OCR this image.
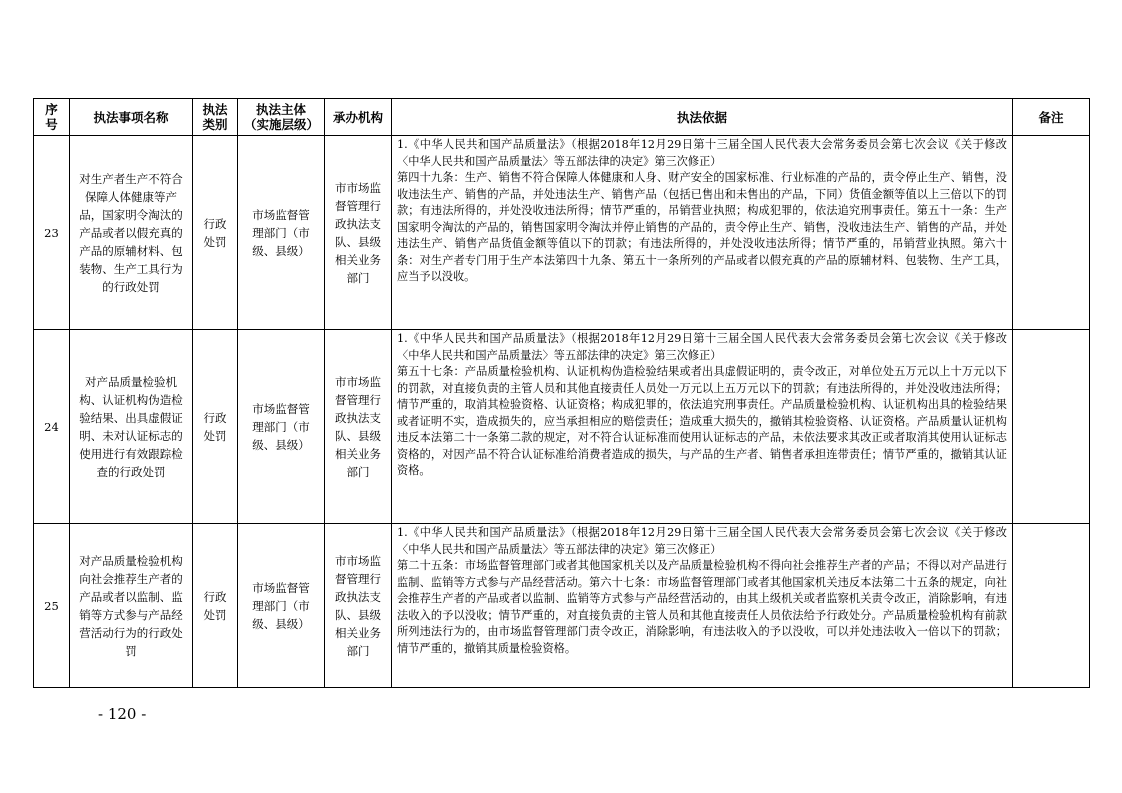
序号	执法事项名称	执法类别	执法主体（实施层级）	承办机构	执法依据	备注
23	对生产者生产不符合保障人体健康等产品，国家明令淘汰的产品或者以假充真的产品的原辅材料、包装物、生产工具行为的行政处罚	行政处罚	市场监督管理部门（市级、县级）	市市场监督管理行政执法支队、县级相关业务部门	1.《中华人民共和国产品质量法》（根据2018年12月29日第十三届全国人民代表大会常务委员会第七次会议《关于修改〈中华人民共和国产品质量法〉等五部法律的决定》第三次修正）

第四十九条：生产、销售不符合保障人体健康和人身、财产安全的国家标准、行业标准的产品的，责令停止生产、销售，没收违法生产、销售的产品，并处违法生产、销售产品（包括已售出和未售出的产品，下同）货值金额等值以上三倍以下的罚款；有违法所得的，并处没收违法所得；情节严重的，吊销营业执照；构成犯罪的，依法追究刑事责任。第五十一条：生产国家明令淘汰的产品的，销售国家明令淘汰并停止销售的产品的，责令停止生产、销售，没收违法生产、销售的产品，并处违法生产、销售产品货值金额等值以下的罚款；有违法所得的，并处没收违法所得；情节严重的，吊销营业执照。第六十条：对生产者专门用于生产本法第四十九条、第五十一条所列的产品或者以假充真的产品的原辅材料、包装物、生产工具，应当予以没收。	

24	对产品质量检验机构、认证机构伪造检验结果、出具虚假证明、未对认证标志的使用进行有效跟踪检查的行政处罚	行政处罚	市场监督管理部门（市级、县级）	市市场监督管理行政执法支队、县级相关业务部门	1.《中华人民共和国产品质量法》（根据2018年12月29日第十三届全国人民代表大会常务委员会第七次会议《关于修改〈中华人民共和国产品质量法〉等五部法律的决定》第三次修正）

第五十七条：产品质量检验机构、认证机构伪造检验结果或者出具虚假证明的，责令改正，对单位处五万元以上十万元以下的罚款，对直接负责的主管人员和其他直接责任人员处一万元以上五万元以下的罚款；有违法所得的，并处没收违法所得；情节严重的，取消其检验资格、认证资格；构成犯罪的，依法追究刑事责任。产品质量检验机构、认证机构出具的检验结果或者证明不实，造成损失的，应当承担相应的赔偿责任；造成重大损失的，撤销其检验资格、认证资格。产品质量认证机构违反本法第二十一条第二款的规定，对不符合认证标准而使用认证标志的产品，未依法要求其改正或者取消其使用认证标志资格的，对因产品不符合认证标准给消费者造成的损失，与产品的生产者、销售者承担连带责任；情节严重的，撤销其认证资格。	

25	对产品质量检验机构向社会推荐生产者的产品或者以监制、监销等方式参与产品经营活动行为的行政处罚	行政处罚	市场监督管理部门（市级、县级）	市市场监督管理行政执法支队、县级相关业务部门	1.《中华人民共和国产品质量法》（根据2018年12月29日第十三届全国人民代表大会常务委员会第七次会议《关于修改〈中华人民共和国产品质量法〉等五部法律的决定》第三次修正）

第二十五条：市场监督管理部门或者其他国家机关以及产品质量检验机构不得向社会推荐生产者的产品；不得以对产品进行监制、监销等方式参与产品经营活动。第六十七条：市场监督管理部门或者其他国家机关违反本法第二十五条的规定，向社会推荐生产者的产品或者以监制、监销等方式参与产品经营活动的，由其上级机关或者监察机关责令改正，消除影响，有违法收入的予以没收；情节严重的，对直接负责的主管人员和其他直接责任人员依法给予行政处分。产品质量检验机构有前款所列违法行为的，由市场监督管理部门责令改正，消除影响，有违法收入的予以没收，可以并处违法收入一倍以下的罚款；情节严重的，撤销其质量检验资格。	

- 120 -
